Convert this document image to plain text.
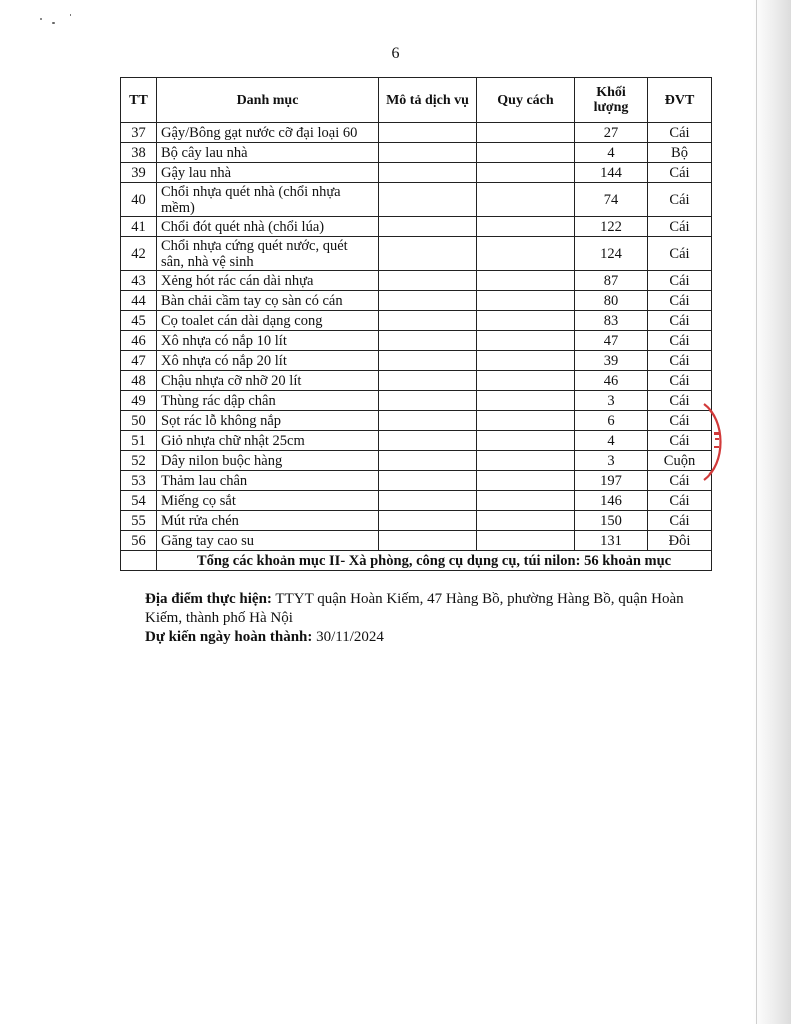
6
TT	Danh mục	Mô tả dịch vụ	Quy cách	Khối lượng	ĐVT
37	Gậy/Bông gạt nước cỡ đại loại 60			27	Cái
38	Bộ cây lau nhà			4	Bộ
39	Gậy lau nhà			144	Cái
40	Chổi nhựa quét nhà (chổi nhựa mềm)			74	Cái
41	Chổi đót quét nhà (chổi lúa)			122	Cái
42	Chổi nhựa cứng quét nước, quét sân, nhà vệ sinh			124	Cái
43	Xẻng hót rác cán dài nhựa			87	Cái
44	Bàn chải cầm tay cọ sàn có cán			80	Cái
45	Cọ toalet cán dài dạng cong			83	Cái
46	Xô nhựa có nắp 10 lít			47	Cái
47	Xô nhựa có nắp 20 lít			39	Cái
48	Chậu nhựa cỡ nhỡ 20 lít			46	Cái
49	Thùng rác dập chân			3	Cái
50	Sọt rác lỗ không nắp			6	Cái
51	Giỏ nhựa chữ nhật 25cm			4	Cái
52	Dây nilon buộc hàng			3	Cuộn
53	Thảm lau chân			197	Cái
54	Miếng cọ sắt			146	Cái
55	Mút rửa chén			150	Cái
56	Găng tay cao su			131	Đôi
	Tổng các khoản mục II- Xà phòng, công cụ dụng cụ, túi nilon: 56 khoản mục				

Địa điểm thực hiện: TTYT quận Hoàn Kiếm, 47 Hàng Bồ, phường Hàng Bồ, quận Hoàn Kiếm, thành phố Hà Nội

Dự kiến ngày hoàn thành: 30/11/2024
